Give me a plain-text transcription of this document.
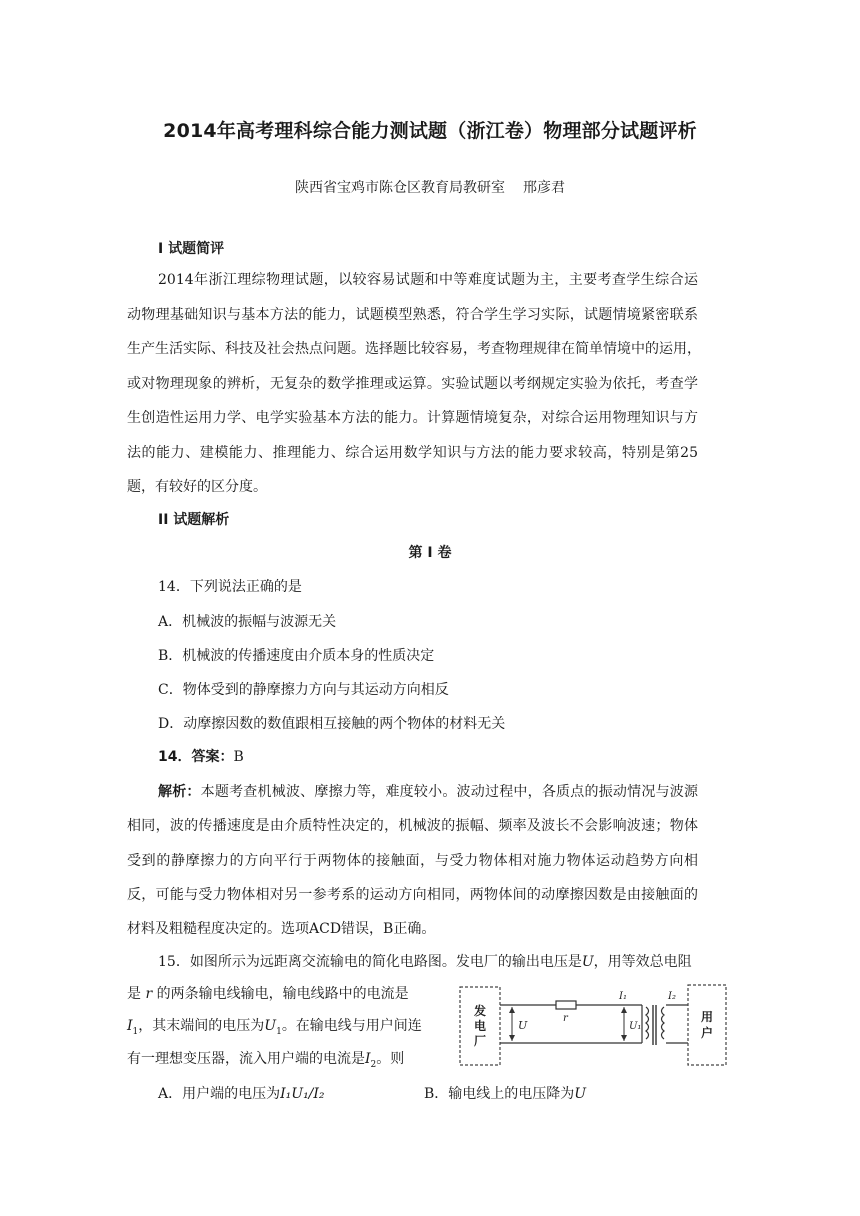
2014年高考理科综合能力测试题（浙江卷）物理部分试题评析
陕西省宝鸡市陈仓区教育局教研室 邢彦君
I 试题简评
2014年浙江理综物理试题，以较容易试题和中等难度试题为主，主要考查学生综合运
动物理基础知识与基本方法的能力，试题模型熟悉，符合学生学习实际，试题情境紧密联系
生产生活实际、科技及社会热点问题。选择题比较容易，考查物理规律在简单情境中的运用，
或对物理现象的辨析，无复杂的数学推理或运算。实验试题以考纲规定实验为依托，考查学
生创造性运用力学、电学实验基本方法的能力。计算题情境复杂，对综合运用物理知识与方
法的能力、建模能力、推理能力、综合运用数学知识与方法的能力要求较高，特别是第25
题，有较好的区分度。
II 试题解析
第 I 卷
14．下列说法正确的是
A．机械波的振幅与波源无关
B．机械波的传播速度由介质本身的性质决定
C．物体受到的静摩擦力方向与其运动方向相反
D．动摩擦因数的数值跟相互接触的两个物体的材料无关
14．答案：B
解析：本题考查机械波、摩擦力等，难度较小。波动过程中，各质点的振动情况与波源
相同，波的传播速度是由介质特性决定的，机械波的振幅、频率及波长不会影响波速；物体
受到的静摩擦力的方向平行于两物体的接触面，与受力物体相对施力物体运动趋势方向相
反，可能与受力物体相对另一参考系的运动方向相同，两物体间的动摩擦因数是由接触面的
材料及粗糙程度决定的。选项ACD错误，B正确。
15．如图所示为远距离交流输电的简化电路图。发电厂的输出电压是U，用等效总电阻
是 r 的两条输电线输电，输电线路中的电流是
$I_1$，其末端间的电压为$U_1$。在输电线与用户间连
有一理想变压器，流入用户端的电流是$I_2$。则
A．用户端的电压为I₁U₁/I₂	B．输电线上的电压降为U
发
电
厂
U
r
I₁
U₁
I₂
用
户
